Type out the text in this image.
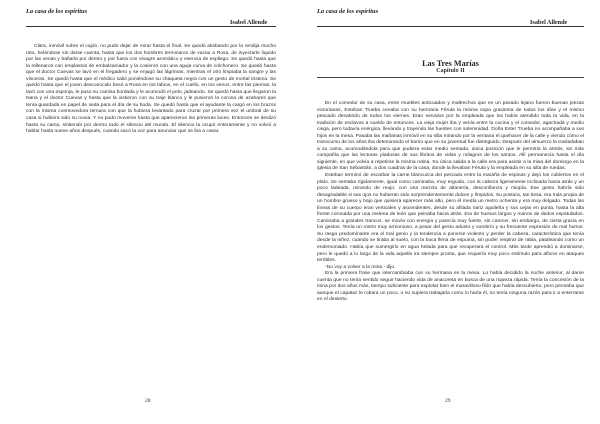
La casa de los espíritus
Isabel Allende

Clara, inmóvil sobre el cajón, no pudo dejar de mirar hasta el final. Se quedó atisbando por la rendija mucho rato, helándose sin darse cuenta, hasta que los dos hombres terminaron de vaciar a Rosa, de inyectarle líquido por las venas y bañarla por dentro y por fuera con vinagre aromático y esencia de espliego. Se quedó hasta que la rellenaron con emplastos de embalsamador y la cosieron con una aguja curva de colchonero. Se quedó hasta que el doctor Cuevas se lavó en el fregadero y se enjugó las lágrimas, mientras el otro limpiaba la sangre y las vísceras. Se quedó hasta que el médico salió poniéndose su chaqueta negra con un gesto de mortal tristeza. Se quedó hasta que el joven desconocido besó a Rosa en los labios, en el cuello, en los senos, entre las piernas, la lavó con una esponja, le puso su camisa bordada y le acomodó el pelo, jadeando. Se quedó hasta que llegaron la Nana y el doctor Cuevas y hasta que la vistieron con su traje blanco y le pusieron la corona de azahares que tenía guardada en papel de seda para el día de su boda. Se quedó hasta que el ayudante la cargó en los brazos con la misma conmovedora ternura con que la hubiera levantado para cruzar por primera vez el umbral de su casa si hubiera sido su novia. Y no pudo moverse hasta que aparecieron las primeras luces. Entonces se deslizó hasta su cama, sintiendo por dentro todo el silencio del mundo. El silencio la ocupó enteramente y no volvió a hablar hasta nueve años después, cuando sacó la voz para anunciar que se iba a casar.

28
La casa de los espíritus
Isabel Allende
Las Tres Marías
Capítulo II

En el comedor de su casa, entre muebles anticuados y maltrechos que en un pasado lejano fueron buenas piezas victorianas, Esteban Trueba cenaba con su hermana Férula la misma sopa grasienta de todos los días y el mismo pescado desabrido de todos los viernes. Eran servidos por la empleada que los había atendido toda la vida, en la tradición de esclavos a sueldo de entonces. La vieja mujer iba y venía entre la cocina y el comedor, agachada y medio ciega, pero todavía enérgica, llevando y trayendo las fuentes con solemnidad. Doña Ester Trueba no acompañaba a sus hijos en la mesa. Pasaba las mañanas inmóvil en su silla mirando por la ventana el quehacer de la calle y viendo cómo el transcurso de los años iba deteriorando el barrio que en su juventud fue distinguido. Después del almuerzo la trasladaban a su cama, acomodándola para que pudiera estar medio sentada, única posición que le permitía la artritis, sin más compañía que las lecturas piadosas de sus libritos de vidas y milagros de los santos. Allí permanecía hasta el día siguiente, en que volvía a repetirse la misma rutina. Su única salida a la calle era para asistir a la misa del domingo en la iglesia de San Sebastián, a dos cuadras de la casa, donde la llevaban Férula y la empleada en su silla de ruedas.

Esteban terminó de escarbar la carne blancuzca del pescado entre la maraña de espinas y dejó los cubiertos en el plato. Se sentaba rígidamente, igual como caminaba, muy erguido, con la cabeza ligeramente inclinada hacia atrás y un poco ladeada, mirando de reojo, con una mezcla de altanería, desconfianza y miopía. Ese gesto habría sido desagradable si sus ojos no hubieran sido sorprendentemente dulces y límpidos. Su postura, tan tiesa, era más propia de un hombre grueso y bajo que quisiera aparecer más alto, pero él medía un metro ochenta y era muy delgado. Todas las líneas de su cuerpo eran verticales y ascendentes, desde su afilada nariz aguileña y sus cejas en punta, hasta la alta frente coronada por una melena de león que peinaba hacia atrás. Era de huesos largos y manos de dedos espatulados. Caminaba a grandes trancos, se movía con energía y parecía muy fuerte, sin carecer, sin embargo, de cierta gracia en los gestos. Tenía un rostro muy armonioso, a pesar del gesto adusto y sombrío y su frecuente expresión de mal humor. Su rasgo predominante era el mal genio y la tendencia a ponerse violento y perder la cabeza, característica que tenía desde la niñez, cuando se tiraba al suelo, con la boca llena de espuma, sin poder respirar de rabia, pataleando como un endemoniado. Había que sumergirlo en agua helada para que recuperara el control. Más tarde aprendió a dominarse, pero le quedó a lo largo de la vida aquella ira siempre pronta, que requería muy poco estímulo para aflorar en ataques terribles.

-No voy a volver a la mina - dijo.

Era la primera frase que intercambiaba con su hermana en la mesa. Lo había decidido la noche anterior, al darse cuenta que no tenía sentido seguir haciendo vida de anacoreta en busca de una riqueza rápida. Tenía la concesión de la mina por dos años más, tiempo suficiente para explotar bien el maravilloso filón que había descubierto, pero pensaba que aunque el capataz le robara un poco, o no supiera trabajarla como lo haría él, no tenía ninguna razón para ir a enterrarse en el desierto.

29
